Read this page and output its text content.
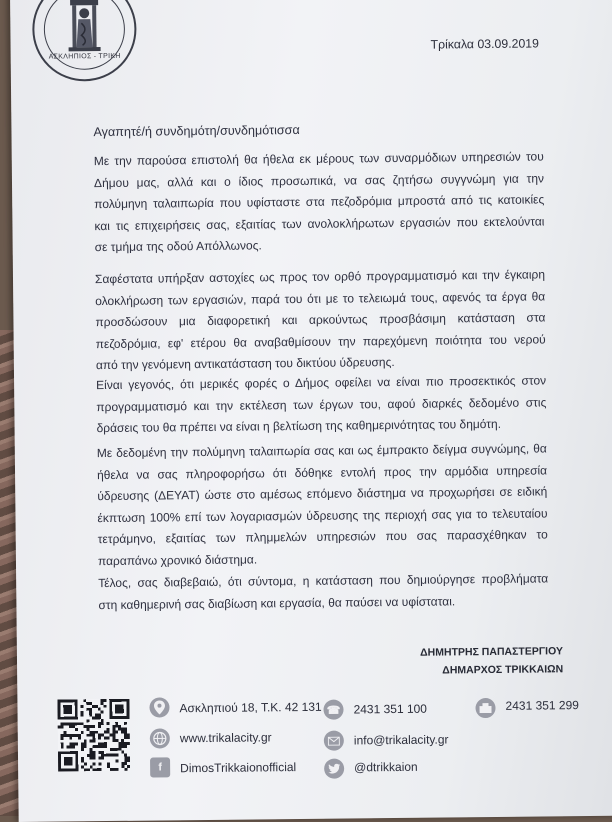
ΑΣΚΛΗΠΙΟΣ - ΤΡΙΚΗ
Τρίκαλα 03.09.2019
Αγαπητέ/ή συνδημότη/συνδημότισσα
Με την παρούσα επιστολή θα ήθελα εκ μέρους των συναρμόδιων υπηρεσιών του
Δήμου μας, αλλά και ο ίδιος προσωπικά, να σας ζητήσω συγγνώμη για την
πολύμηνη ταλαιπωρία που υφίσταστε στα πεζοδρόμια μπροστά από τις κατοικίες
και τις επιχειρήσεις σας, εξαιτίας των ανολοκλήρωτων εργασιών που εκτελούνται
σε τμήμα της οδού Απόλλωνος.
Σαφέστατα υπήρξαν αστοχίες ως προς τον ορθό προγραμματισμό και την έγκαιρη
ολοκλήρωση των εργασιών, παρά του ότι με το τελειωμά τους, αφενός τα έργα θα
προσδώσουν μια διαφορετική και αρκούντως προσβάσιμη κατάσταση στα
πεζοδρόμια, εφ' ετέρου θα αναβαθμίσουν την παρεχόμενη ποιότητα του νερού
από την γενόμενη αντικατάσταση του δικτύου ύδρευσης.
Είναι γεγονός, ότι μερικές φορές ο Δήμος οφείλει να είναι πιο προσεκτικός στον
προγραμματισμό και την εκτέλεση των έργων του, αφού διαρκές δεδομένο στις
δράσεις του θα πρέπει να είναι η βελτίωση της καθημερινότητας του δημότη.
Με δεδομένη την πολύμηνη ταλαιπωρία σας και ως έμπρακτο δείγμα συγνώμης, θα
ήθελα να σας πληροφορήσω ότι δόθηκε εντολή προς την αρμόδια υπηρεσία
ύδρευσης (ΔΕΥΑΤ) ώστε στο αμέσως επόμενο διάστημα να προχωρήσει σε ειδική
έκπτωση 100% επί των λογαριασμών ύδρευσης της περιοχή σας για το τελευταίου
τετράμηνο, εξαιτίας των πλημμελών υπηρεσιών που σας παρασχέθηκαν το
παραπάνω χρονικό διάστημα.
Τέλος, σας διαβεβαιώ, ότι σύντομα, η κατάσταση που δημιούργησε προβλήματα
στη καθημερινή σας διαβίωση και εργασία, θα παύσει να υφίσταται.
ΔΗΜΗΤΡΗΣ ΠΑΠΑΣΤΕΡΓΙΟΥ
ΔΗΜΑΡΧΟΣ ΤΡΙΚΚΑΙΩΝ
Ασκληπιού 18, Τ.Κ. 42 131 ☎ 2431 351 100	2431 351 299
www.trikalacity.gr	info@trikalacity.gr
f	DimosTrikkaionofficial	@dtrikkaion
